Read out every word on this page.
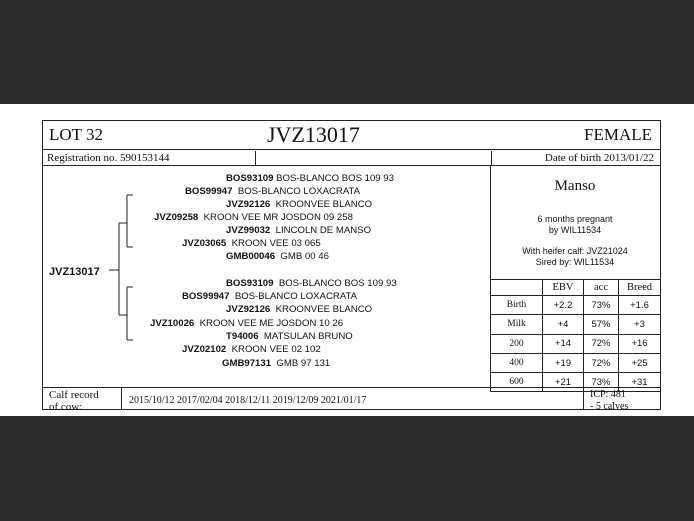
LOT 32	JVZ13017	FEMALE
Registration no. 590153144	Date of birth 2013/01/22
JVZ13017
BOS93109 BOS-BLANCO BOS 109 93
BOS99947 BOS-BLANCO LOXACRATA
JVZ92126 KROONVEE BLANCO
JVZ09258 KROON VEE MR JOSDON 09 258
JVZ99032 LINCOLN DE MANSO
JVZ03065 KROON VEE 03 065
GMB00046 GMB 00 46
BOS93109 BOS-BLANCO BOS 109 93
BOS99947 BOS-BLANCO LOXACRATA
JVZ92126 KROONVEE BLANCO
JVZ10026 KROON VEE ME JOSDON 10 26
T94006 MATSULAN BRUNO
JVZ02102 KROON VEE 02 102
GMB97131 GMB 97 131
Manso
6 months pregnant
by WIL11534
With heifer calf: JVZ21024
Sired by: WIL11534
	EBV	acc	Breed
Birth	+2.2	73%	+1.6
Milk	+4	57%	+3
200	+14	72%	+16
400	+19	72%	+25
600	+21	73%	+31
Calf record
of cow:
2015/10/12 2017/02/04 2018/12/11 2019/12/09 2021/01/17
ICP: 481
- 5 calves
